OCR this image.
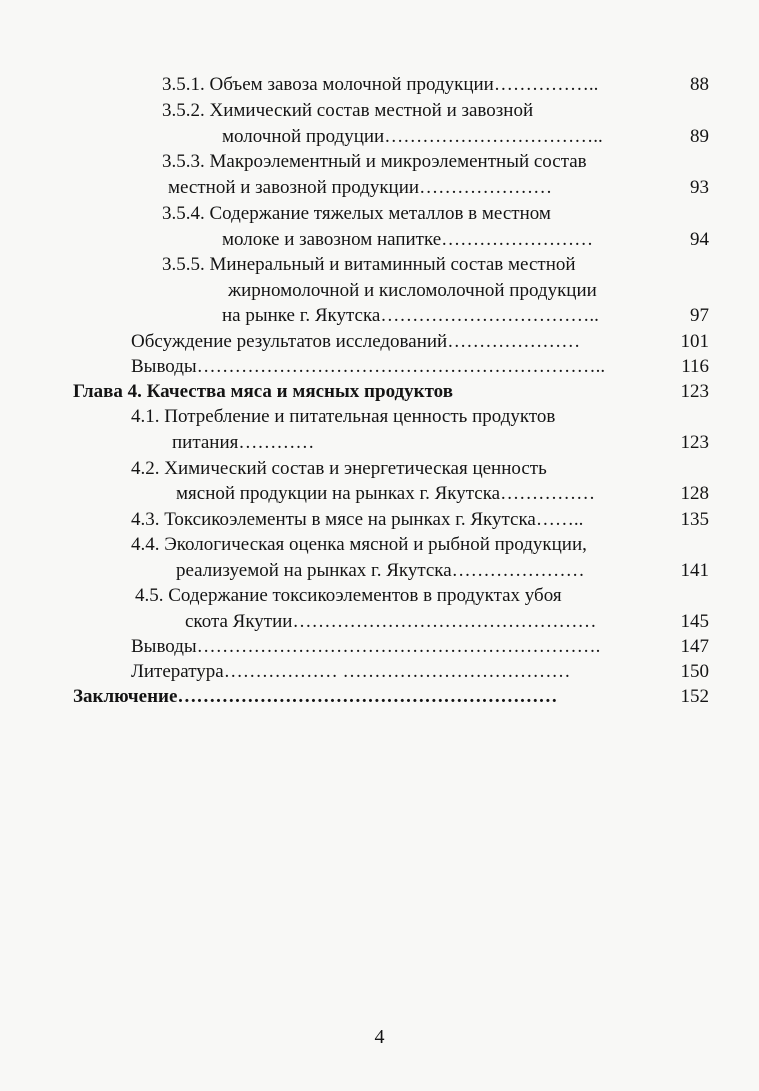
3.5.1. Объем завоза молочной продукции……………..	88
3.5.2. Химический состав местной и завозной
молочной продуции……………………………..	89
3.5.3. Макроэлементный и микроэлементный состав
местной и завозной продукции…………………	93
3.5.4. Содержание тяжелых металлов в местном
молоке и завозном напитке……………………	94
3.5.5. Минеральный и витаминный состав местной
жирномолочной и кисломолочной продукции
на рынке г. Якутска……………………………..	97
Обсуждение результатов исследований…………………	101
Выводы………………………………………………………..	116
Глава 4. Качества мяса и мясных продуктов	123
4.1. Потребление и питательная ценность продуктов
питания…………	123
4.2. Химический состав и энергетическая ценность
мясной продукции на рынках г. Якутска……………	128
4.3. Токсикоэлементы в мясе на рынках г. Якутска……..	135
4.4. Экологическая оценка мясной и рыбной продукции,
реализуемой на рынках г. Якутска…………………	141
4.5. Содержание токсикоэлементов в продуктах убоя
скота Якутии…………………………………………	145
Выводы……………………………………………………….	147
Литература……………… ………………………………	150
Заключение……………………………………………………	152
4
